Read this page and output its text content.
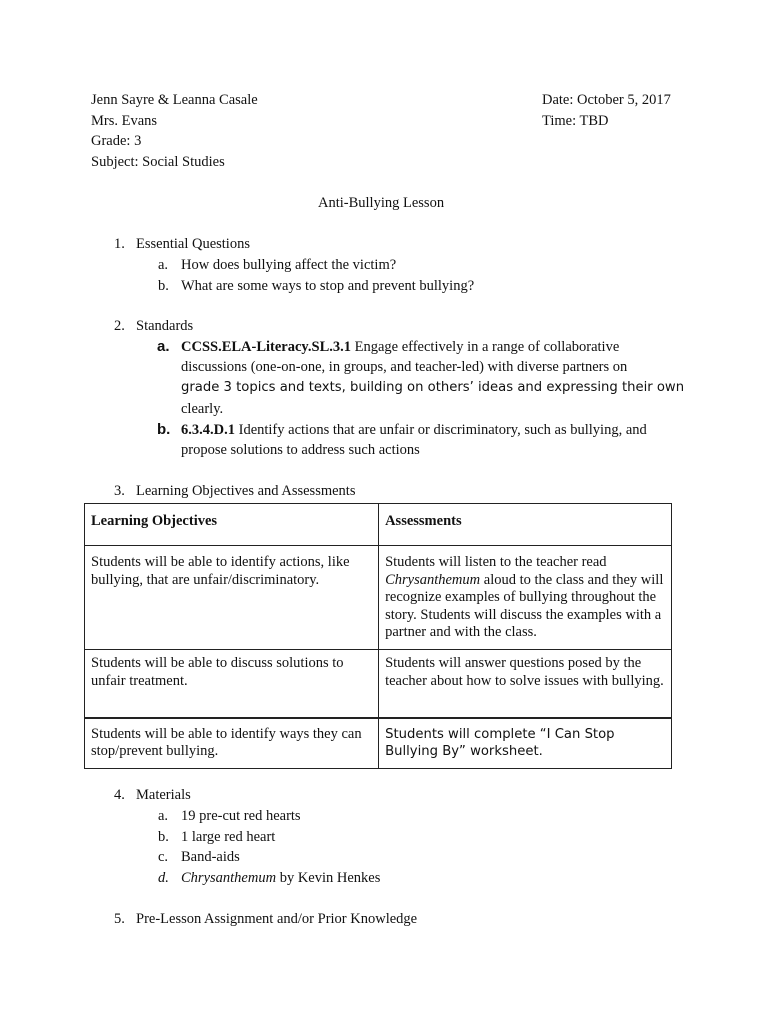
Jenn Sayre & Leanna Casale
Mrs. Evans
Grade: 3
Subject: Social Studies
Date: October 5, 2017
Time: TBD
Anti-Bullying Lesson
1. Essential Questions
a. How does bullying affect the victim?
b. What are some ways to stop and prevent bullying?
2. Standards
a. CCSS.ELA-Literacy.SL.3.1 Engage effectively in a range of collaborative
discussions (one-on-one, in groups, and teacher-led) with diverse partners on
grade 3 topics and texts, building on others’ ideas and expressing their own
clearly.
b. 6.3.4.D.1 Identify actions that are unfair or discriminatory, such as bullying, and
propose solutions to address such actions
3. Learning Objectives and Assessments
Learning Objectives	Assessments
Students will be able to identify actions, like bullying, that are unfair/discriminatory.	Students will listen to the teacher read Chrysanthemum aloud to the class and they will recognize examples of bullying throughout the story. Students will discuss the examples with a partner and with the class.
Students will be able to discuss solutions to unfair treatment.	Students will answer questions posed by the teacher about how to solve issues with bullying.
Students will be able to identify ways they can stop/prevent bullying.	Students will complete “I Can Stop Bullying By” worksheet.
4. Materials
a. 19 pre-cut red hearts
b. 1 large red heart
c. Band-aids
d. Chrysanthemum by Kevin Henkes
5. Pre-Lesson Assignment and/or Prior Knowledge
